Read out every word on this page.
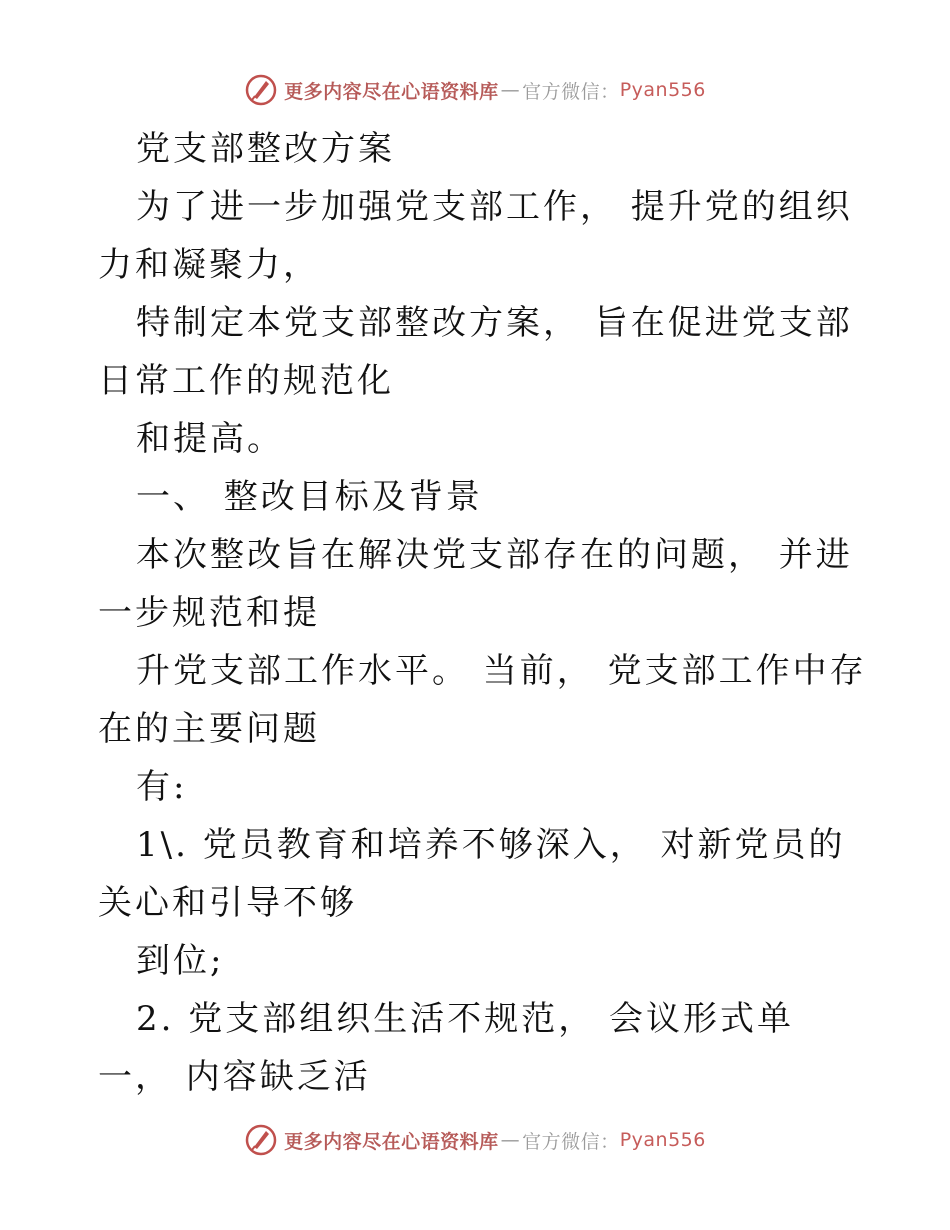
更多内容尽在心语资料库 — 官方微信： Pyan556

党支部整改方案

为了进一步加强党支部工作， 提升党的组织力和凝聚力，

特制定本党支部整改方案， 旨在促进党支部日常工作的规范化

和提高。

一、 整改目标及背景

本次整改旨在解决党支部存在的问题， 并进一步规范和提

升党支部工作水平。 当前， 党支部工作中存在的主要问题

有:

1\. 党员教育和培养不够深入， 对新党员的关心和引导不够

到位;

2. 党支部组织生活不规范， 会议形式单一， 内容缺乏活

更多内容尽在心语资料库 — 官方微信： Pyan556
